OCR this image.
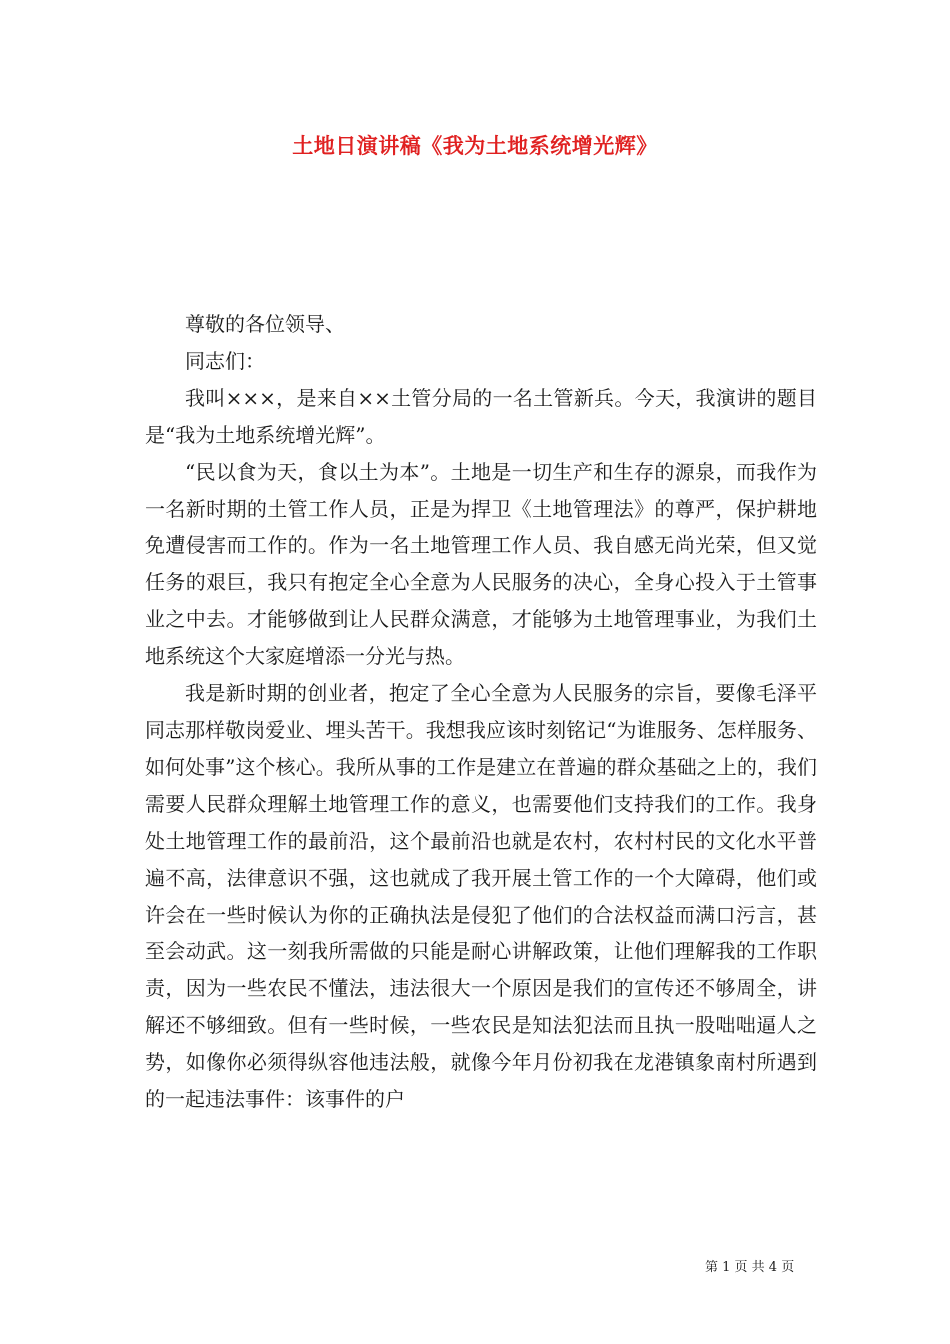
土地日演讲稿《我为土地系统增光辉》

尊敬的各位领导、

同志们：

我叫×××，是来自××土管分局的一名土管新兵。今天，我演讲的题目是“我为土地系统增光辉”。

“民以食为天，食以土为本”。土地是一切生产和生存的源泉，而我作为一名新时期的土管工作人员，正是为捍卫《土地管理法》的尊严，保护耕地免遭侵害而工作的。作为一名土地管理工作人员、我自感无尚光荣，但又觉任务的艰巨，我只有抱定全心全意为人民服务的决心，全身心投入于土管事业之中去。才能够做到让人民群众满意，才能够为土地管理事业，为我们土地系统这个大家庭增添一分光与热。

我是新时期的创业者，抱定了全心全意为人民服务的宗旨，要像毛泽平同志那样敬岗爱业、埋头苦干。我想我应该时刻铭记“为谁服务、怎样服务、如何处事”这个核心。我所从事的工作是建立在普遍的群众基础之上的，我们需要人民群众理解土地管理工作的意义，也需要他们支持我们的工作。我身处土地管理工作的最前沿，这个最前沿也就是农村，农村村民的文化水平普遍不高，法律意识不强，这也就成了我开展土管工作的一个大障碍，他们或许会在一些时候认为你的正确执法是侵犯了他们的合法权益而满口污言，甚至会动武。这一刻我所需做的只能是耐心讲解政策，让他们理解我的工作职责，因为一些农民不懂法，违法很大一个原因是我们的宣传还不够周全，讲解还不够细致。但有一些时候，一些农民是知法犯法而且执一股咄咄逼人之势，如像你必须得纵容他违法般，就像今年月份初我在龙港镇象南村所遇到的一起违法事件：该事件的户

第 1 页 共 4 页
